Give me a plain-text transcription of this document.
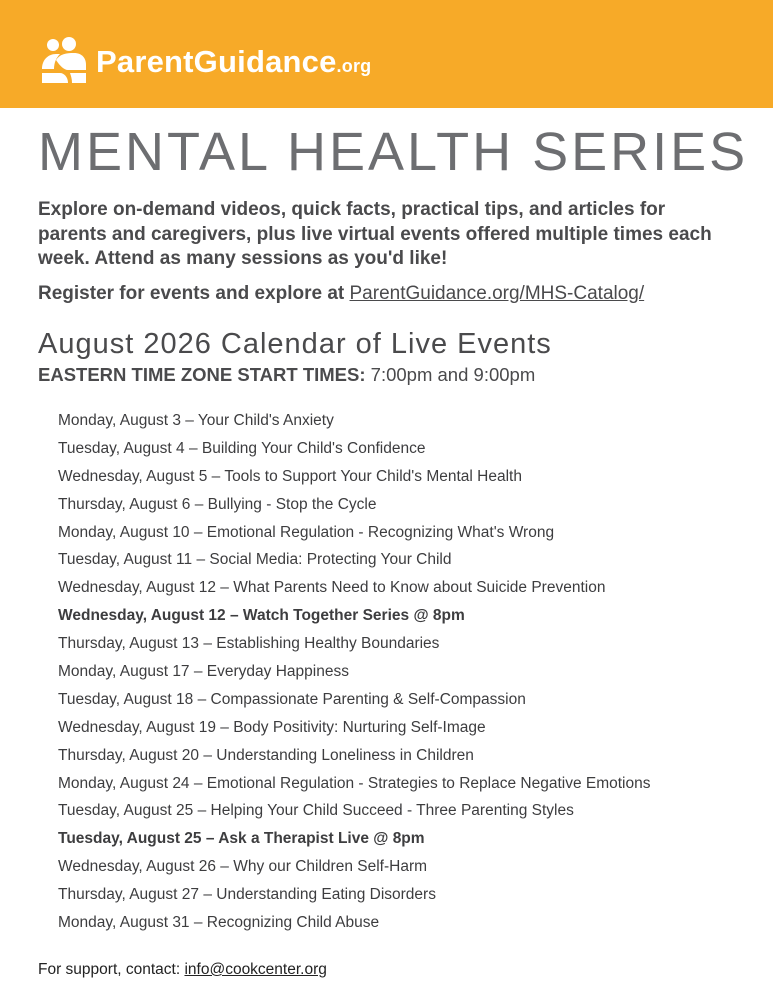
ParentGuidance.org
MENTAL HEALTH SERIES

Explore on-demand videos, quick facts, practical tips, and articles for parents and caregivers, plus live virtual events offered multiple times each week. Attend as many sessions as you'd like!

Register for events and explore at ParentGuidance.org/MHS-Catalog/

August 2026 Calendar of Live Events

EASTERN TIME ZONE START TIMES: 7:00pm and 9:00pm

Monday, August 3 – Your Child's Anxiety
Tuesday, August 4 – Building Your Child's Confidence
Wednesday, August 5 – Tools to Support Your Child's Mental Health
Thursday, August 6 – Bullying - Stop the Cycle
Monday, August 10 – Emotional Regulation - Recognizing What's Wrong
Tuesday, August 11 – Social Media: Protecting Your Child
Wednesday, August 12 – What Parents Need to Know about Suicide Prevention
Wednesday, August 12 – Watch Together Series @ 8pm
Thursday, August 13 – Establishing Healthy Boundaries
Monday, August 17 – Everyday Happiness
Tuesday, August 18 – Compassionate Parenting & Self-Compassion
Wednesday, August 19 – Body Positivity: Nurturing Self-Image
Thursday, August 20 – Understanding Loneliness in Children
Monday, August 24 – Emotional Regulation - Strategies to Replace Negative Emotions
Tuesday, August 25 – Helping Your Child Succeed - Three Parenting Styles
Tuesday, August 25 – Ask a Therapist Live @ 8pm
Wednesday, August 26 – Why our Children Self-Harm
Thursday, August 27 – Understanding Eating Disorders
Monday, August 31 – Recognizing Child Abuse

For support, contact: info@cookcenter.org
